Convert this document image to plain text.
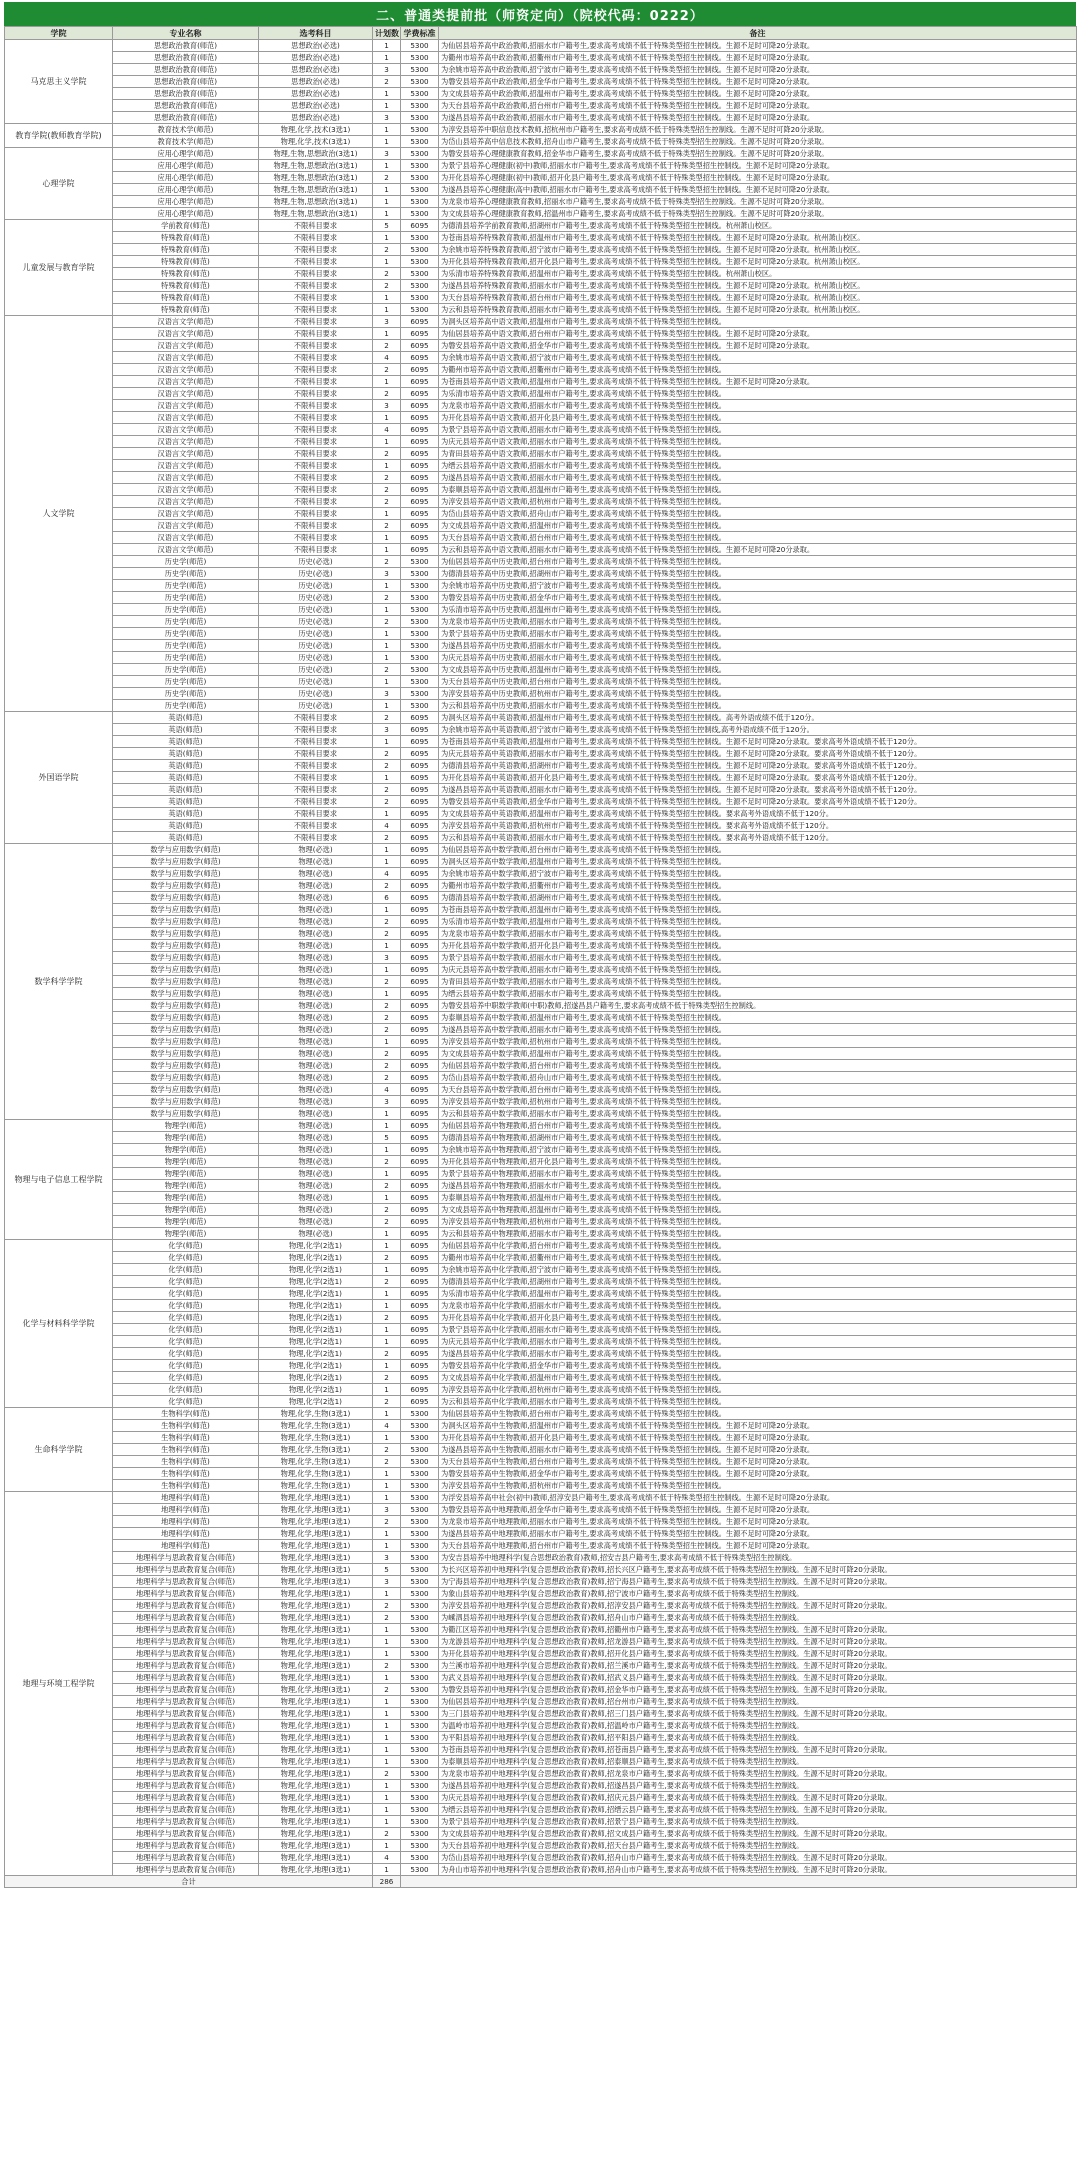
二、普通类提前批（师资定向）（院校代码：0222）
学院	专业名称	选考科目	计划数	学费标准	备注
马克思主义学院	思想政治教育(师范)	思想政治(必选)	1	5300	为仙居县培养高中政治教师,招丽水市户籍考生,要求高考成绩不低于特殊类型招生控制线。生源不足时可降20分录取。
	思想政治教育(师范)	思想政治(必选)	1	5300	为衢州市培养高中政治教师,招衢州市户籍考生,要求高考成绩不低于特殊类型招生控制线。生源不足时可降20分录取。
	思想政治教育(师范)	思想政治(必选)	3	5300	为余姚市培养高中政治教师,招宁波市户籍考生,要求高考成绩不低于特殊类型招生控制线。生源不足时可降20分录取。
	思想政治教育(师范)	思想政治(必选)	2	5300	为磐安县培养高中政治教师,招金华市户籍考生,要求高考成绩不低于特殊类型招生控制线。生源不足时可降20分录取。
	思想政治教育(师范)	思想政治(必选)	1	5300	为文成县培养高中政治教师,招温州市户籍考生,要求高考成绩不低于特殊类型招生控制线。生源不足时可降20分录取。
	思想政治教育(师范)	思想政治(必选)	1	5300	为天台县培养高中政治教师,招台州市户籍考生,要求高考成绩不低于特殊类型招生控制线。生源不足时可降20分录取。
	思想政治教育(师范)	思想政治(必选)	3	5300	为遂昌县培养高中政治教师,招丽水市户籍考生,要求高考成绩不低于特殊类型招生控制线。生源不足时可降20分录取。
教育学院(教师教育学院)	教育技术学(师范)	物理,化学,技术(3选1)	1	5300	为淳安县培养中职信息技术教师,招杭州市户籍考生,要求高考成绩不低于特殊类型招生控制线。生源不足时可降20分录取。
	教育技术学(师范)	物理,化学,技术(3选1)	1	5300	为岱山县培养高中信息技术教师,招舟山市户籍考生,要求高考成绩不低于特殊类型招生控制线。生源不足时可降20分录取。
心理学院	应用心理学(师范)	物理,生物,思想政治(3选1)	3	5300	为磐安县培养心理健康教育教师,招金华市户籍考生,要求高考成绩不低于特殊类型招生控制线。生源不足时可降20分录取。
	应用心理学(师范)	物理,生物,思想政治(3选1)	1	5300	为景宁县培养心理健康(初中)教师,招丽水市户籍考生,要求高考成绩不低于特殊类型招生控制线。生源不足时可降20分录取。
	应用心理学(师范)	物理,生物,思想政治(3选1)	2	5300	为开化县培养心理健康(初中)教师,招开化县户籍考生,要求高考成绩不低于特殊类型招生控制线。生源不足时可降20分录取。
	应用心理学(师范)	物理,生物,思想政治(3选1)	1	5300	为遂昌县培养心理健康(高中)教师,招丽水市户籍考生,要求高考成绩不低于特殊类型招生控制线。生源不足时可降20分录取。
	应用心理学(师范)	物理,生物,思想政治(3选1)	1	5300	为龙泉市培养心理健康教育教师,招丽水市户籍考生,要求高考成绩不低于特殊类型招生控制线。生源不足时可降20分录取。
	应用心理学(师范)	物理,生物,思想政治(3选1)	1	5300	为文成县培养心理健康教育教师,招温州市户籍考生,要求高考成绩不低于特殊类型招生控制线。生源不足时可降20分录取。
儿童发展与教育学院	学前教育(师范)	不限科目要求	5	6095	为德清县培养学前教育教师,招湖州市户籍考生,要求高考成绩不低于特殊类型招生控制线。杭州萧山校区。
	特殊教育(师范)	不限科目要求	1	5300	为苍南县培养特殊教育教师,招温州市户籍考生,要求高考成绩不低于特殊类型招生控制线。生源不足时可降20分录取。杭州萧山校区。
	特殊教育(师范)	不限科目要求	2	5300	为余姚市培养特殊教育教师,招宁波市户籍考生,要求高考成绩不低于特殊类型招生控制线。生源不足时可降20分录取。杭州萧山校区。
	特殊教育(师范)	不限科目要求	1	5300	为开化县培养特殊教育教师,招开化县户籍考生,要求高考成绩不低于特殊类型招生控制线。生源不足时可降20分录取。杭州萧山校区。
	特殊教育(师范)	不限科目要求	2	5300	为乐清市培养特殊教育教师,招温州市户籍考生,要求高考成绩不低于特殊类型招生控制线。杭州萧山校区。
	特殊教育(师范)	不限科目要求	2	5300	为遂昌县培养特殊教育教师,招丽水市户籍考生,要求高考成绩不低于特殊类型招生控制线。生源不足时可降20分录取。杭州萧山校区。
	特殊教育(师范)	不限科目要求	1	5300	为天台县培养特殊教育教师,招台州市户籍考生,要求高考成绩不低于特殊类型招生控制线。生源不足时可降20分录取。杭州萧山校区。
	特殊教育(师范)	不限科目要求	1	5300	为云和县培养特殊教育教师,招丽水市户籍考生,要求高考成绩不低于特殊类型招生控制线。生源不足时可降20分录取。杭州萧山校区。
人文学院	汉语言文学(师范)	不限科目要求	3	6095	为洞头区培养高中语文教师,招温州市户籍考生,要求高考成绩不低于特殊类型招生控制线。
	汉语言文学(师范)	不限科目要求	1	6095	为仙居县培养高中语文教师,招台州市户籍考生,要求高考成绩不低于特殊类型招生控制线。生源不足时可降20分录取。
	汉语言文学(师范)	不限科目要求	2	6095	为磐安县培养高中语文教师,招金华市户籍考生,要求高考成绩不低于特殊类型招生控制线。生源不足时可降20分录取。
	汉语言文学(师范)	不限科目要求	4	6095	为余姚市培养高中语文教师,招宁波市户籍考生,要求高考成绩不低于特殊类型招生控制线。
	汉语言文学(师范)	不限科目要求	2	6095	为衢州市培养高中语文教师,招衢州市户籍考生,要求高考成绩不低于特殊类型招生控制线。
	汉语言文学(师范)	不限科目要求	1	6095	为苍南县培养高中语文教师,招温州市户籍考生,要求高考成绩不低于特殊类型招生控制线。生源不足时可降20分录取。
	汉语言文学(师范)	不限科目要求	2	6095	为乐清市培养高中语文教师,招温州市户籍考生,要求高考成绩不低于特殊类型招生控制线。
	汉语言文学(师范)	不限科目要求	3	6095	为龙泉市培养高中语文教师,招丽水市户籍考生,要求高考成绩不低于特殊类型招生控制线。
	汉语言文学(师范)	不限科目要求	1	6095	为开化县培养高中语文教师,招开化县户籍考生,要求高考成绩不低于特殊类型招生控制线。
	汉语言文学(师范)	不限科目要求	4	6095	为景宁县培养高中语文教师,招丽水市户籍考生,要求高考成绩不低于特殊类型招生控制线。
	汉语言文学(师范)	不限科目要求	1	6095	为庆元县培养高中语文教师,招丽水市户籍考生,要求高考成绩不低于特殊类型招生控制线。
	汉语言文学(师范)	不限科目要求	2	6095	为青田县培养高中语文教师,招丽水市户籍考生,要求高考成绩不低于特殊类型招生控制线。
	汉语言文学(师范)	不限科目要求	1	6095	为缙云县培养高中语文教师,招丽水市户籍考生,要求高考成绩不低于特殊类型招生控制线。
	汉语言文学(师范)	不限科目要求	2	6095	为遂昌县培养高中语文教师,招丽水市户籍考生,要求高考成绩不低于特殊类型招生控制线。
	汉语言文学(师范)	不限科目要求	2	6095	为泰顺县培养高中语文教师,招温州市户籍考生,要求高考成绩不低于特殊类型招生控制线。
	汉语言文学(师范)	不限科目要求	2	6095	为淳安县培养高中语文教师,招杭州市户籍考生,要求高考成绩不低于特殊类型招生控制线。
	汉语言文学(师范)	不限科目要求	1	6095	为岱山县培养高中语文教师,招舟山市户籍考生,要求高考成绩不低于特殊类型招生控制线。
	汉语言文学(师范)	不限科目要求	2	6095	为文成县培养高中语文教师,招温州市户籍考生,要求高考成绩不低于特殊类型招生控制线。
	汉语言文学(师范)	不限科目要求	1	6095	为天台县培养高中语文教师,招台州市户籍考生,要求高考成绩不低于特殊类型招生控制线。
	汉语言文学(师范)	不限科目要求	1	6095	为云和县培养高中语文教师,招丽水市户籍考生,要求高考成绩不低于特殊类型招生控制线。生源不足时可降20分录取。
	历史学(师范)	历史(必选)	2	5300	为仙居县培养高中历史教师,招台州市户籍考生,要求高考成绩不低于特殊类型招生控制线。
	历史学(师范)	历史(必选)	3	5300	为德清县培养高中历史教师,招湖州市户籍考生,要求高考成绩不低于特殊类型招生控制线。
	历史学(师范)	历史(必选)	1	5300	为余姚市培养高中历史教师,招宁波市户籍考生,要求高考成绩不低于特殊类型招生控制线。
	历史学(师范)	历史(必选)	2	5300	为磐安县培养高中历史教师,招金华市户籍考生,要求高考成绩不低于特殊类型招生控制线。
	历史学(师范)	历史(必选)	1	5300	为乐清市培养高中历史教师,招温州市户籍考生,要求高考成绩不低于特殊类型招生控制线。
	历史学(师范)	历史(必选)	2	5300	为龙泉市培养高中历史教师,招丽水市户籍考生,要求高考成绩不低于特殊类型招生控制线。
	历史学(师范)	历史(必选)	1	5300	为景宁县培养高中历史教师,招丽水市户籍考生,要求高考成绩不低于特殊类型招生控制线。
	历史学(师范)	历史(必选)	1	5300	为遂昌县培养高中历史教师,招丽水市户籍考生,要求高考成绩不低于特殊类型招生控制线。
	历史学(师范)	历史(必选)	1	5300	为庆元县培养高中历史教师,招丽水市户籍考生,要求高考成绩不低于特殊类型招生控制线。
	历史学(师范)	历史(必选)	2	5300	为文成县培养高中历史教师,招温州市户籍考生,要求高考成绩不低于特殊类型招生控制线。
	历史学(师范)	历史(必选)	1	5300	为天台县培养高中历史教师,招台州市户籍考生,要求高考成绩不低于特殊类型招生控制线。
	历史学(师范)	历史(必选)	3	5300	为淳安县培养高中历史教师,招杭州市户籍考生,要求高考成绩不低于特殊类型招生控制线。
	历史学(师范)	历史(必选)	1	5300	为云和县培养高中历史教师,招丽水市户籍考生,要求高考成绩不低于特殊类型招生控制线。
外国语学院	英语(师范)	不限科目要求	2	6095	为洞头区培养高中英语教师,招温州市户籍考生,要求高考成绩不低于特殊类型招生控制线。高考外语成绩不低于120分。
	英语(师范)	不限科目要求	3	6095	为余姚市培养高中英语教师,招宁波市户籍考生,要求高考成绩不低于特殊类型招生控制线,高考外语成绩不低于120分。
	英语(师范)	不限科目要求	1	6095	为苍南县培养高中英语教师,招温州市户籍考生,要求高考成绩不低于特殊类型招生控制线。生源不足时可降20分录取。要求高考外语成绩不低于120分。
	英语(师范)	不限科目要求	2	6095	为庆元县培养高中英语教师,招丽水市户籍考生,要求高考成绩不低于特殊类型招生控制线。生源不足时可降20分录取。要求高考外语成绩不低于120分。
	英语(师范)	不限科目要求	2	6095	为德清县培养高中英语教师,招湖州市户籍考生,要求高考成绩不低于特殊类型招生控制线。生源不足时可降20分录取。要求高考外语成绩不低于120分。
	英语(师范)	不限科目要求	1	6095	为开化县培养高中英语教师,招开化县户籍考生,要求高考成绩不低于特殊类型招生控制线。生源不足时可降20分录取。要求高考外语成绩不低于120分。
	英语(师范)	不限科目要求	2	6095	为遂昌县培养高中英语教师,招丽水市户籍考生,要求高考成绩不低于特殊类型招生控制线。生源不足时可降20分录取。要求高考外语成绩不低于120分。
	英语(师范)	不限科目要求	2	6095	为磐安县培养高中英语教师,招金华市户籍考生,要求高考成绩不低于特殊类型招生控制线。生源不足时可降20分录取。要求高考外语成绩不低于120分。
	英语(师范)	不限科目要求	1	6095	为文成县培养高中英语教师,招温州市户籍考生,要求高考成绩不低于特殊类型招生控制线。要求高考外语成绩不低于120分。
	英语(师范)	不限科目要求	4	6095	为淳安县培养高中英语教师,招杭州市户籍考生,要求高考成绩不低于特殊类型招生控制线。要求高考外语成绩不低于120分。
	英语(师范)	不限科目要求	2	6095	为云和县培养高中英语教师,招丽水市户籍考生,要求高考成绩不低于特殊类型招生控制线。要求高考外语成绩不低于120分。
数学科学学院	数学与应用数学(师范)	物理(必选)	1	6095	为仙居县培养高中数学教师,招台州市户籍考生,要求高考成绩不低于特殊类型招生控制线。
	数学与应用数学(师范)	物理(必选)	1	6095	为洞头区培养高中数学教师,招温州市户籍考生,要求高考成绩不低于特殊类型招生控制线。
	数学与应用数学(师范)	物理(必选)	4	6095	为余姚市培养高中数学教师,招宁波市户籍考生,要求高考成绩不低于特殊类型招生控制线。
	数学与应用数学(师范)	物理(必选)	2	6095	为衢州市培养高中数学教师,招衢州市户籍考生,要求高考成绩不低于特殊类型招生控制线。
	数学与应用数学(师范)	物理(必选)	6	6095	为德清县培养高中数学教师,招湖州市户籍考生,要求高考成绩不低于特殊类型招生控制线。
	数学与应用数学(师范)	物理(必选)	1	6095	为苍南县培养高中数学教师,招温州市户籍考生,要求高考成绩不低于特殊类型招生控制线。
	数学与应用数学(师范)	物理(必选)	2	6095	为乐清市培养高中数学教师,招温州市户籍考生,要求高考成绩不低于特殊类型招生控制线。
	数学与应用数学(师范)	物理(必选)	2	6095	为龙泉市培养高中数学教师,招丽水市户籍考生,要求高考成绩不低于特殊类型招生控制线。
	数学与应用数学(师范)	物理(必选)	1	6095	为开化县培养高中数学教师,招开化县户籍考生,要求高考成绩不低于特殊类型招生控制线。
	数学与应用数学(师范)	物理(必选)	3	6095	为景宁县培养高中数学教师,招丽水市户籍考生,要求高考成绩不低于特殊类型招生控制线。
	数学与应用数学(师范)	物理(必选)	1	6095	为庆元县培养高中数学教师,招丽水市户籍考生,要求高考成绩不低于特殊类型招生控制线。
	数学与应用数学(师范)	物理(必选)	2	6095	为青田县培养高中数学教师,招丽水市户籍考生,要求高考成绩不低于特殊类型招生控制线。
	数学与应用数学(师范)	物理(必选)	1	6095	为缙云县培养高中数学教师,招丽水市户籍考生,要求高考成绩不低于特殊类型招生控制线。
	数学与应用数学(师范)	物理(必选)	2	6095	为磐安县培养中职数学教师(中职)教师,招遂昌县户籍考生,要求高考成绩不低于特殊类型招生控制线。
	数学与应用数学(师范)	物理(必选)	2	6095	为泰顺县培养高中数学教师,招温州市户籍考生,要求高考成绩不低于特殊类型招生控制线。
	数学与应用数学(师范)	物理(必选)	2	6095	为遂昌县培养高中数学教师,招丽水市户籍考生,要求高考成绩不低于特殊类型招生控制线。
	数学与应用数学(师范)	物理(必选)	1	6095	为淳安县培养高中数学教师,招杭州市户籍考生,要求高考成绩不低于特殊类型招生控制线。
	数学与应用数学(师范)	物理(必选)	2	6095	为文成县培养高中数学教师,招温州市户籍考生,要求高考成绩不低于特殊类型招生控制线。
	数学与应用数学(师范)	物理(必选)	2	6095	为仙居县培养高中数学教师,招台州市户籍考生,要求高考成绩不低于特殊类型招生控制线。
	数学与应用数学(师范)	物理(必选)	2	6095	为岱山县培养高中数学教师,招舟山市户籍考生,要求高考成绩不低于特殊类型招生控制线。
	数学与应用数学(师范)	物理(必选)	4	6095	为天台县培养高中数学教师,招台州市户籍考生,要求高考成绩不低于特殊类型招生控制线。
	数学与应用数学(师范)	物理(必选)	3	6095	为淳安县培养高中数学教师,招杭州市户籍考生,要求高考成绩不低于特殊类型招生控制线。
	数学与应用数学(师范)	物理(必选)	1	6095	为云和县培养高中数学教师,招丽水市户籍考生,要求高考成绩不低于特殊类型招生控制线。
物理与电子信息工程学院	物理学(师范)	物理(必选)	1	6095	为仙居县培养高中物理教师,招台州市户籍考生,要求高考成绩不低于特殊类型招生控制线。
	物理学(师范)	物理(必选)	5	6095	为德清县培养高中物理教师,招湖州市户籍考生,要求高考成绩不低于特殊类型招生控制线。
	物理学(师范)	物理(必选)	1	6095	为余姚市培养高中物理教师,招宁波市户籍考生,要求高考成绩不低于特殊类型招生控制线。
	物理学(师范)	物理(必选)	2	6095	为开化县培养高中物理教师,招开化县户籍考生,要求高考成绩不低于特殊类型招生控制线。
	物理学(师范)	物理(必选)	1	6095	为景宁县培养高中物理教师,招丽水市户籍考生,要求高考成绩不低于特殊类型招生控制线。
	物理学(师范)	物理(必选)	2	6095	为遂昌县培养高中物理教师,招丽水市户籍考生,要求高考成绩不低于特殊类型招生控制线。
	物理学(师范)	物理(必选)	1	6095	为泰顺县培养高中物理教师,招温州市户籍考生,要求高考成绩不低于特殊类型招生控制线。
	物理学(师范)	物理(必选)	2	6095	为文成县培养高中物理教师,招温州市户籍考生,要求高考成绩不低于特殊类型招生控制线。
	物理学(师范)	物理(必选)	2	6095	为淳安县培养高中物理教师,招杭州市户籍考生,要求高考成绩不低于特殊类型招生控制线。
	物理学(师范)	物理(必选)	1	6095	为云和县培养高中物理教师,招丽水市户籍考生,要求高考成绩不低于特殊类型招生控制线。
化学与材料科学学院	化学(师范)	物理,化学(2选1)	1	6095	为仙居县培养高中化学教师,招台州市户籍考生,要求高考成绩不低于特殊类型招生控制线。
	化学(师范)	物理,化学(2选1)	2	6095	为衢州市培养高中化学教师,招衢州市户籍考生,要求高考成绩不低于特殊类型招生控制线。
	化学(师范)	物理,化学(2选1)	1	6095	为余姚市培养高中化学教师,招宁波市户籍考生,要求高考成绩不低于特殊类型招生控制线。
	化学(师范)	物理,化学(2选1)	2	6095	为德清县培养高中化学教师,招湖州市户籍考生,要求高考成绩不低于特殊类型招生控制线。
	化学(师范)	物理,化学(2选1)	1	6095	为乐清市培养高中化学教师,招温州市户籍考生,要求高考成绩不低于特殊类型招生控制线。
	化学(师范)	物理,化学(2选1)	1	6095	为龙泉市培养高中化学教师,招丽水市户籍考生,要求高考成绩不低于特殊类型招生控制线。
	化学(师范)	物理,化学(2选1)	2	6095	为开化县培养高中化学教师,招开化县户籍考生,要求高考成绩不低于特殊类型招生控制线。
	化学(师范)	物理,化学(2选1)	1	6095	为景宁县培养高中化学教师,招丽水市户籍考生,要求高考成绩不低于特殊类型招生控制线。
	化学(师范)	物理,化学(2选1)	1	6095	为庆元县培养高中化学教师,招丽水市户籍考生,要求高考成绩不低于特殊类型招生控制线。
	化学(师范)	物理,化学(2选1)	2	6095	为遂昌县培养高中化学教师,招丽水市户籍考生,要求高考成绩不低于特殊类型招生控制线。
	化学(师范)	物理,化学(2选1)	1	6095	为磐安县培养高中化学教师,招金华市户籍考生,要求高考成绩不低于特殊类型招生控制线。
	化学(师范)	物理,化学(2选1)	2	6095	为文成县培养高中化学教师,招温州市户籍考生,要求高考成绩不低于特殊类型招生控制线。
	化学(师范)	物理,化学(2选1)	1	6095	为淳安县培养高中化学教师,招杭州市户籍考生,要求高考成绩不低于特殊类型招生控制线。
	化学(师范)	物理,化学(2选1)	2	6095	为云和县培养高中化学教师,招丽水市户籍考生,要求高考成绩不低于特殊类型招生控制线。
生命科学学院	生物科学(师范)	物理,化学,生物(3选1)	1	5300	为仙居县培养高中生物教师,招台州市户籍考生,要求高考成绩不低于特殊类型招生控制线。
	生物科学(师范)	物理,化学,生物(3选1)	4	5300	为洞头区培养高中生物教师,招温州市户籍考生,要求高考成绩不低于特殊类型招生控制线。生源不足时可降20分录取。
	生物科学(师范)	物理,化学,生物(3选1)	1	5300	为开化县培养高中生物教师,招开化县户籍考生,要求高考成绩不低于特殊类型招生控制线。生源不足时可降20分录取。
	生物科学(师范)	物理,化学,生物(3选1)	2	5300	为遂昌县培养高中生物教师,招丽水市户籍考生,要求高考成绩不低于特殊类型招生控制线。生源不足时可降20分录取。
	生物科学(师范)	物理,化学,生物(3选1)	2	5300	为天台县培养高中生物教师,招台州市户籍考生,要求高考成绩不低于特殊类型招生控制线。生源不足时可降20分录取。
	生物科学(师范)	物理,化学,生物(3选1)	1	5300	为磐安县培养高中生物教师,招金华市户籍考生,要求高考成绩不低于特殊类型招生控制线。生源不足时可降20分录取。
	生物科学(师范)	物理,化学,生物(3选1)	1	5300	为淳安县培养高中生物教师,招杭州市户籍考生,要求高考成绩不低于特殊类型招生控制线。
地理与环境工程学院	地理科学(师范)	物理,化学,地理(3选1)	1	5300	为浮安县培养高中社会(初中)教师,招淳安县户籍考生,要求高考成绩不低于特殊类型招生控制线。生源不足时可降20分录取。
	地理科学(师范)	物理,化学,地理(3选1)	3	5300	为磐安县培养高中地理教师,招金华市户籍考生,要求高考成绩不低于特殊类型招生控制线。生源不足时可降20分录取。
	地理科学(师范)	物理,化学,地理(3选1)	2	5300	为龙泉市培养高中地理教师,招丽水市户籍考生,要求高考成绩不低于特殊类型招生控制线。生源不足时可降20分录取。
	地理科学(师范)	物理,化学,地理(3选1)	1	5300	为遂昌县培养高中地理教师,招丽水市户籍考生,要求高考成绩不低于特殊类型招生控制线。生源不足时可降20分录取。
	地理科学(师范)	物理,化学,地理(3选1)	1	5300	为天台县培养高中地理教师,招台州市户籍考生,要求高考成绩不低于特殊类型招生控制线。生源不足时可降20分录取。
	地理科学与思政教育复合(师范)	物理,化学,地理(3选1)	3	5300	为安吉县培养中地理科学(复合思想政治教育)教师,招安吉县户籍考生,要求高考成绩不低于特殊类型招生控制线。
	地理科学与思政教育复合(师范)	物理,化学,地理(3选1)	5	5300	为长兴区培养初中地理科学(复合思想政治教育)教师,招长兴区户籍考生,要求高考成绩不低于特殊类型招生控制线。生源不足时可降20分录取。
	地理科学与思政教育复合(师范)	物理,化学,地理(3选1)	3	5300	为宁海县培养初中地理科学(复合思想政治教育)教师,招宁海县户籍考生,要求高考成绩不低于特殊类型招生控制线。生源不足时可降20分录取。
	地理科学与思政教育复合(师范)	物理,化学,地理(3选1)	1	5300	为象山县培养初中地理科学(复合思想政治教育)教师,招宁波市户籍考生,要求高考成绩不低于特殊类型招生控制线。
	地理科学与思政教育复合(师范)	物理,化学,地理(3选1)	2	5300	为淳安县培养初中地理科学(复合思想政治教育)教师,招淳安县户籍考生,要求高考成绩不低于特殊类型招生控制线。生源不足时可降20分录取。
	地理科学与思政教育复合(师范)	物理,化学,地理(3选1)	2	5300	为嵊泗县培养初中地理科学(复合思想政治教育)教师,招舟山市户籍考生,要求高考成绩不低于特殊类型招生控制线。
	地理科学与思政教育复合(师范)	物理,化学,地理(3选1)	1	5300	为衢江区培养初中地理科学(复合思想政治教育)教师,招衢州市户籍考生,要求高考成绩不低于特殊类型招生控制线。生源不足时可降20分录取。
	地理科学与思政教育复合(师范)	物理,化学,地理(3选1)	1	5300	为龙游县培养初中地理科学(复合思想政治教育)教师,招龙游县户籍考生,要求高考成绩不低于特殊类型招生控制线。生源不足时可降20分录取。
	地理科学与思政教育复合(师范)	物理,化学,地理(3选1)	1	5300	为开化县培养初中地理科学(复合思想政治教育)教师,招开化县户籍考生,要求高考成绩不低于特殊类型招生控制线。生源不足时可降20分录取。
	地理科学与思政教育复合(师范)	物理,化学,地理(3选1)	2	5300	为兰溪市培养初中地理科学(复合思想政治教育)教师,招兰溪市户籍考生,要求高考成绩不低于特殊类型招生控制线。生源不足时可降20分录取。
	地理科学与思政教育复合(师范)	物理,化学,地理(3选1)	1	5300	为武义县培养初中地理科学(复合思想政治教育)教师,招武义县户籍考生,要求高考成绩不低于特殊类型招生控制线。生源不足时可降20分录取。
	地理科学与思政教育复合(师范)	物理,化学,地理(3选1)	2	5300	为磐安县培养初中地理科学(复合思想政治教育)教师,招金华市户籍考生,要求高考成绩不低于特殊类型招生控制线。生源不足时可降20分录取。
	地理科学与思政教育复合(师范)	物理,化学,地理(3选1)	1	5300	为仙居县培养初中地理科学(复合思想政治教育)教师,招台州市户籍考生,要求高考成绩不低于特殊类型招生控制线。
	地理科学与思政教育复合(师范)	物理,化学,地理(3选1)	1	5300	为三门县培养初中地理科学(复合思想政治教育)教师,招三门县户籍考生,要求高考成绩不低于特殊类型招生控制线。生源不足时可降20分录取。
	地理科学与思政教育复合(师范)	物理,化学,地理(3选1)	1	5300	为温岭市培养初中地理科学(复合思想政治教育)教师,招温岭市户籍考生,要求高考成绩不低于特殊类型招生控制线。
	地理科学与思政教育复合(师范)	物理,化学,地理(3选1)	1	5300	为平阳县培养初中地理科学(复合思想政治教育)教师,招平阳县户籍考生,要求高考成绩不低于特殊类型招生控制线。
	地理科学与思政教育复合(师范)	物理,化学,地理(3选1)	1	5300	为苍南县培养初中地理科学(复合思想政治教育)教师,招苍南县户籍考生,要求高考成绩不低于特殊类型招生控制线。生源不足时可降20分录取。
	地理科学与思政教育复合(师范)	物理,化学,地理(3选1)	1	5300	为泰顺县培养初中地理科学(复合思想政治教育)教师,招泰顺县户籍考生,要求高考成绩不低于特殊类型招生控制线。
	地理科学与思政教育复合(师范)	物理,化学,地理(3选1)	2	5300	为龙泉市培养初中地理科学(复合思想政治教育)教师,招龙泉市户籍考生,要求高考成绩不低于特殊类型招生控制线。生源不足时可降20分录取。
	地理科学与思政教育复合(师范)	物理,化学,地理(3选1)	1	5300	为遂昌县培养初中地理科学(复合思想政治教育)教师,招遂昌县户籍考生,要求高考成绩不低于特殊类型招生控制线。
	地理科学与思政教育复合(师范)	物理,化学,地理(3选1)	1	5300	为庆元县培养初中地理科学(复合思想政治教育)教师,招庆元县户籍考生,要求高考成绩不低于特殊类型招生控制线。生源不足时可降20分录取。
	地理科学与思政教育复合(师范)	物理,化学,地理(3选1)	1	5300	为缙云县培养初中地理科学(复合思想政治教育)教师,招缙云县户籍考生,要求高考成绩不低于特殊类型招生控制线。生源不足时可降20分录取。
	地理科学与思政教育复合(师范)	物理,化学,地理(3选1)	1	5300	为景宁县培养初中地理科学(复合思想政治教育)教师,招景宁县户籍考生,要求高考成绩不低于特殊类型招生控制线。
	地理科学与思政教育复合(师范)	物理,化学,地理(3选1)	2	5300	为文成县培养初中地理科学(复合思想政治教育)教师,招文成县户籍考生,要求高考成绩不低于特殊类型招生控制线。生源不足时可降20分录取。
	地理科学与思政教育复合(师范)	物理,化学,地理(3选1)	1	5300	为天台县培养初中地理科学(复合思想政治教育)教师,招天台县户籍考生,要求高考成绩不低于特殊类型招生控制线。
	地理科学与思政教育复合(师范)	物理,化学,地理(3选1)	4	5300	为岱山县培养初中地理科学(复合思想政治教育)教师,招舟山市户籍考生,要求高考成绩不低于特殊类型招生控制线。生源不足时可降20分录取。
	地理科学与思政教育复合(师范)	物理,化学,地理(3选1)	1	5300	为舟山市培养初中地理科学(复合思想政治教育)教师,招舟山市户籍考生,要求高考成绩不低于特殊类型招生控制线。生源不足时可降20分录取。
合计			286		
